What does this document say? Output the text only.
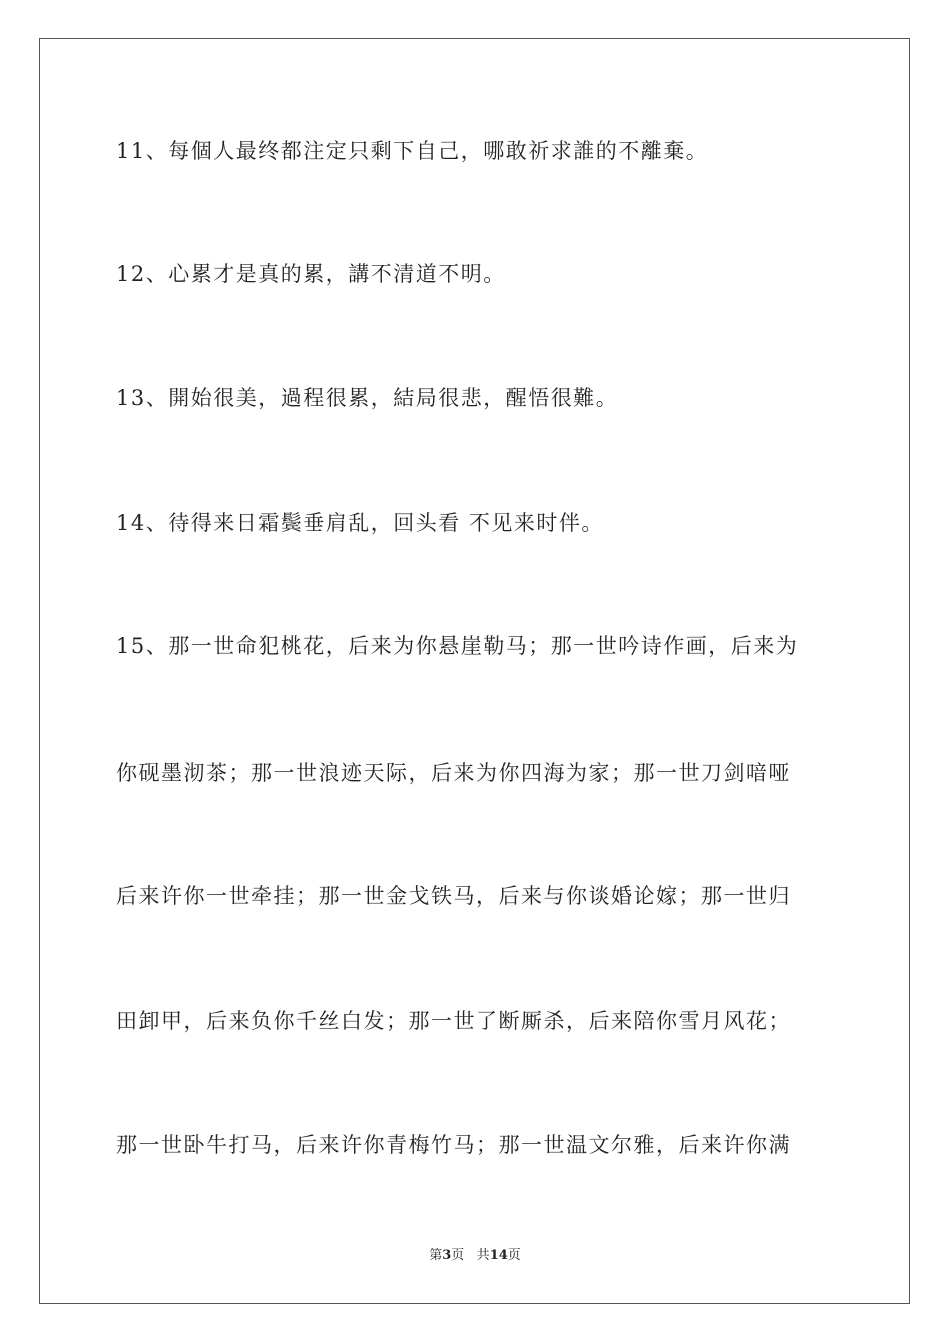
11、每個人最终都注定只剩下自己，哪敢祈求誰的不離棄。
12、心累才是真的累，講不清道不明。
13、開始很美，過程很累，結局很悲，醒悟很難。
14、待得来日霜鬓垂肩乱，回头看 不见来时伴。
15、那一世命犯桃花，后来为你悬崖勒马；那一世吟诗作画，后来为
你砚墨沏茶；那一世浪迹天际，后来为你四海为家；那一世刀剑喑哑
后来许你一世牵挂；那一世金戈铁马，后来与你谈婚论嫁；那一世归
田卸甲，后来负你千丝白发；那一世了断厮杀，后来陪你雪月风花；
那一世卧牛打马，后来许你青梅竹马；那一世温文尔雅，后来许你满
第3页 共14页
